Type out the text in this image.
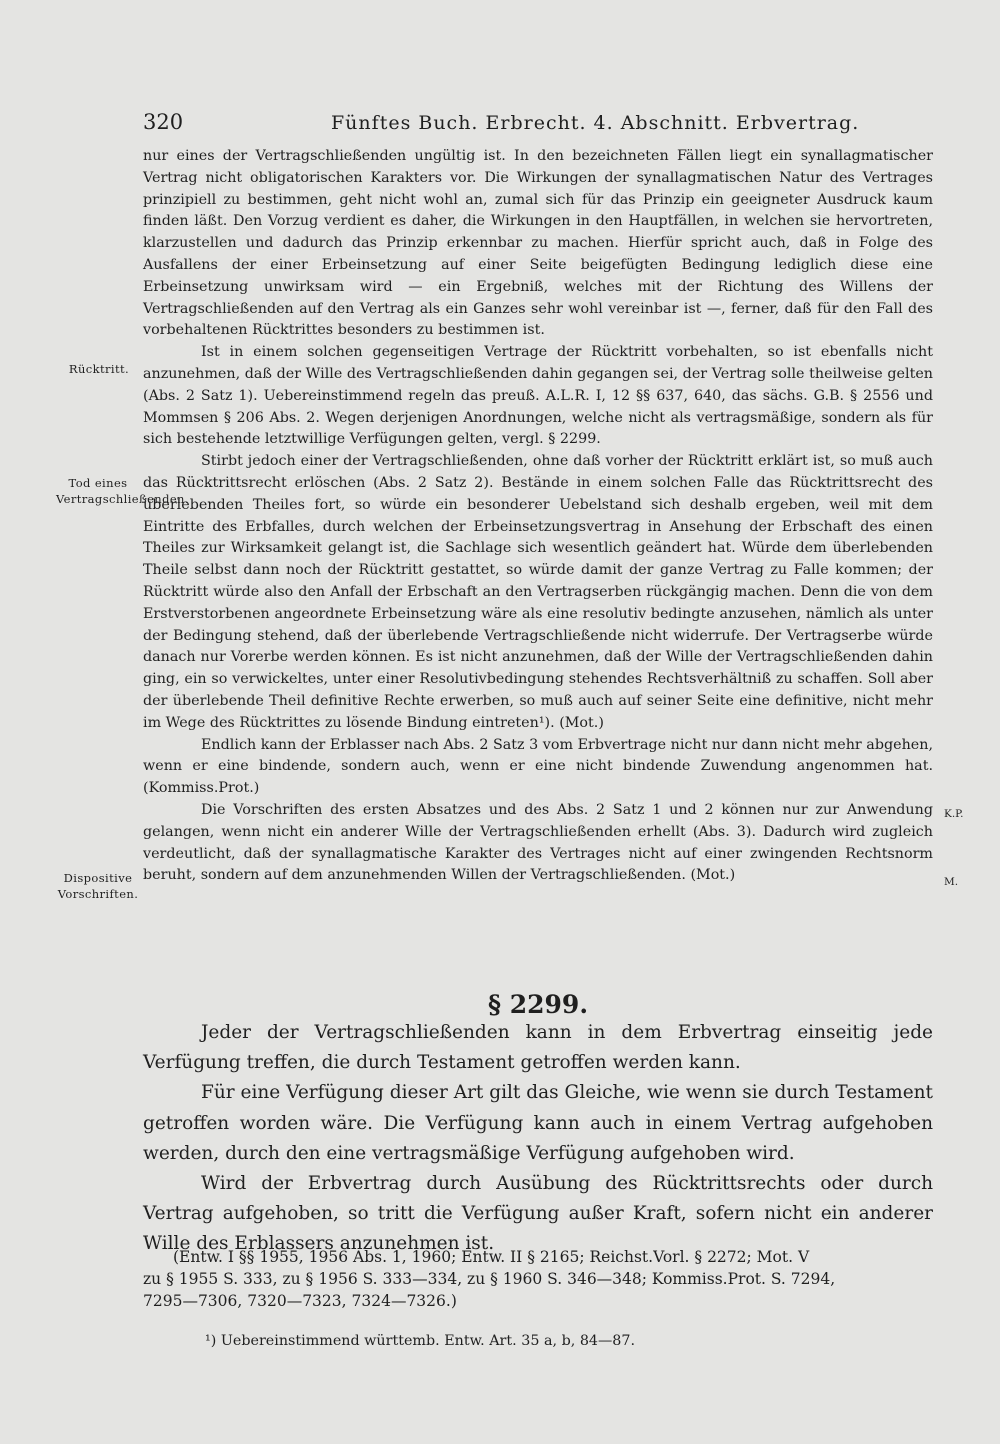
320	Fünftes Buch. Erbrecht. 4. Abschnitt. Erbvertrag.

nur eines der Vertragschließenden ungültig ist. In den bezeichneten Fällen liegt ein synallagmatischer Vertrag nicht obligatorischen Karakters vor. Die Wirkungen der synallagmatischen Natur des Vertrages prinzipiell zu bestimmen, geht nicht wohl an, zumal sich für das Prinzip ein geeigneter Ausdruck kaum finden läßt. Den Vorzug verdient es daher, die Wirkungen in den Hauptfällen, in welchen sie hervortreten, klarzustellen und dadurch das Prinzip erkennbar zu machen. Hierfür spricht auch, daß in Folge des Ausfallens der einer Erbeinsetzung auf einer Seite beigefügten Bedingung lediglich diese eine Erbeinsetzung unwirksam wird — ein Ergebniß, welches mit der Richtung des Willens der Vertragschließenden auf den Vertrag als ein Ganzes sehr wohl vereinbar ist —, ferner, daß für den Fall des vorbehaltenen Rücktrittes besonders zu bestimmen ist.

Ist in einem solchen gegenseitigen Vertrage der Rücktritt vorbehalten, so ist ebenfalls nicht anzunehmen, daß der Wille des Vertragschließenden dahin gegangen sei, der Vertrag solle theilweise gelten (Abs. 2 Satz 1). Uebereinstimmend regeln das preuß. A.L.R. I, 12 §§ 637, 640, das sächs. G.B. § 2556 und Mommsen § 206 Abs. 2. Wegen derjenigen Anordnungen, welche nicht als vertragsmäßige, sondern als für sich bestehende letztwillige Verfügungen gelten, vergl. § 2299.

Stirbt jedoch einer der Vertragschließenden, ohne daß vorher der Rücktritt erklärt ist, so muß auch das Rücktrittsrecht erlöschen (Abs. 2 Satz 2). Bestände in einem solchen Falle das Rücktrittsrecht des überlebenden Theiles fort, so würde ein besonderer Uebelstand sich deshalb ergeben, weil mit dem Eintritte des Erbfalles, durch welchen der Erbeinsetzungsvertrag in Ansehung der Erbschaft des einen Theiles zur Wirksamkeit gelangt ist, die Sachlage sich wesentlich geändert hat. Würde dem überlebenden Theile selbst dann noch der Rücktritt gestattet, so würde damit der ganze Vertrag zu Falle kommen; der Rücktritt würde also den Anfall der Erbschaft an den Vertragserben rückgängig machen. Denn die von dem Erstverstorbenen angeordnete Erbeinsetzung wäre als eine resolutiv bedingte anzusehen, nämlich als unter der Bedingung stehend, daß der überlebende Vertragschließende nicht widerrufe. Der Vertragserbe würde danach nur Vorerbe werden können. Es ist nicht anzunehmen, daß der Wille der Vertragschließenden dahin ging, ein so verwickeltes, unter einer Resolutivbedingung stehendes Rechtsverhältniß zu schaffen. Soll aber der überlebende Theil definitive Rechte erwerben, so muß auch auf seiner Seite eine definitive, nicht mehr im Wege des Rücktrittes zu lösende Bindung eintreten¹). (Mot.)

Endlich kann der Erblasser nach Abs. 2 Satz 3 vom Erbvertrage nicht nur dann nicht mehr abgehen, wenn er eine bindende, sondern auch, wenn er eine nicht bindende Zuwendung angenommen hat. (Kommiss.Prot.)

Die Vorschriften des ersten Absatzes und des Abs. 2 Satz 1 und 2 können nur zur Anwendung gelangen, wenn nicht ein anderer Wille der Vertragschließenden erhellt (Abs. 3). Dadurch wird zugleich verdeutlicht, daß der synallagmatische Karakter des Vertrages nicht auf einer zwingenden Rechtsnorm beruht, sondern auf dem anzunehmenden Willen der Vertragschließenden. (Mot.)

Rücktritt.
Tod eines Vertragschließenden.
Dispositive Vorschriften.
K.P.
M.
§ 2299.

Jeder der Vertragschließenden kann in dem Erbvertrag einseitig jede Verfügung treffen, die durch Testament getroffen werden kann.

Für eine Verfügung dieser Art gilt das Gleiche, wie wenn sie durch Testament getroffen worden wäre. Die Verfügung kann auch in einem Vertrag aufgehoben werden, durch den eine vertragsmäßige Verfügung aufgehoben wird.

Wird der Erbvertrag durch Ausübung des Rücktrittsrechts oder durch Vertrag aufgehoben, so tritt die Verfügung außer Kraft, sofern nicht ein anderer Wille des Erblassers anzunehmen ist.

(Entw. I §§ 1955, 1956 Abs. 1, 1960; Entw. II § 2165; Reichst.Vorl. § 2272; Mot. V
zu § 1955 S. 333, zu § 1956 S. 333—334, zu § 1960 S. 346—348; Kommiss.Prot. S. 7294,
7295—7306, 7320—7323, 7324—7326.)
¹) Uebereinstimmend württemb. Entw. Art. 35 a, b, 84—87.
